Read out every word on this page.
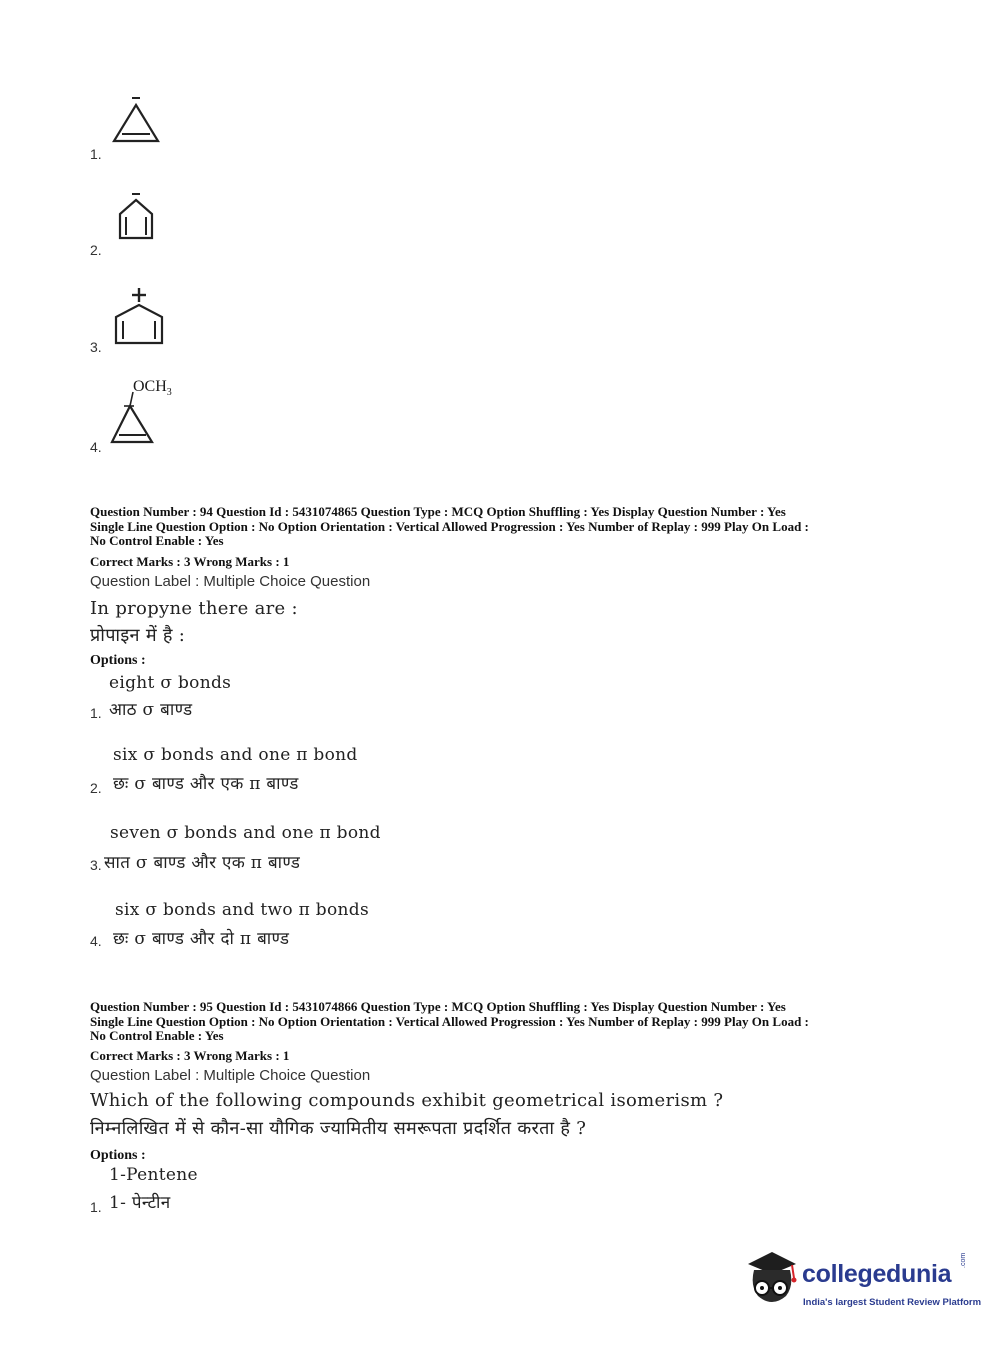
1.
2.
3.
4.
$OCH_3$
Question Number : 94 Question Id : 5431074865 Question Type : MCQ Option Shuffling : Yes Display Question Number : Yes
Single Line Question Option : No Option Orientation : Vertical Allowed Progression : Yes Number of Replay : 999 Play On Load :
No Control Enable : Yes
Correct Marks : 3 Wrong Marks : 1
Question Label : Multiple Choice Question
In propyne there are :
प्रोपाइन में है :
Options :
eight σ bonds
1. आठ σ बाण्ड
six σ bonds and one π bond
2. छः σ बाण्ड और एक π बाण्ड
seven σ bonds and one π bond
3. सात σ बाण्ड और एक π बाण्ड
six σ bonds and two π bonds
4. छः σ बाण्ड और दो π बाण्ड
Question Number : 95 Question Id : 5431074866 Question Type : MCQ Option Shuffling : Yes Display Question Number : Yes
Single Line Question Option : No Option Orientation : Vertical Allowed Progression : Yes Number of Replay : 999 Play On Load :
No Control Enable : Yes
Correct Marks : 3 Wrong Marks : 1
Question Label : Multiple Choice Question
Which of the following compounds exhibit geometrical isomerism ?
निम्नलिखित में से कौन-सा यौगिक ज्यामितीय समरूपता प्रदर्शित करता है ?
Options :
1-Pentene
1. 1- पेन्टीन
collegedunia .com
India's largest Student Review Platform
